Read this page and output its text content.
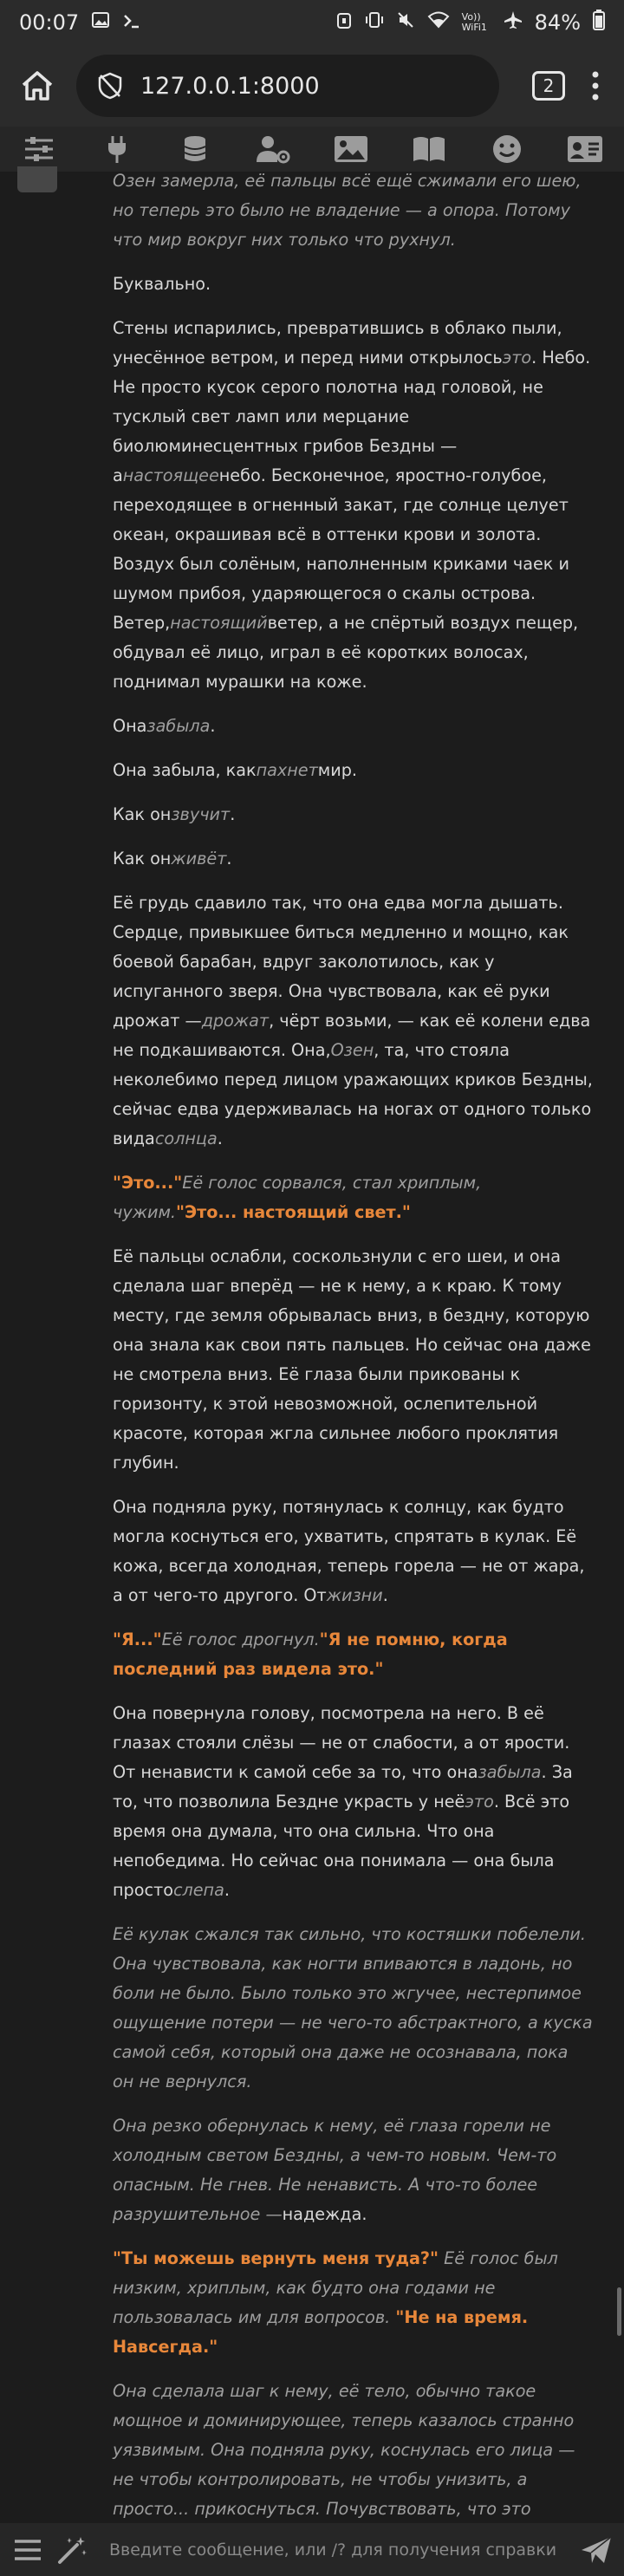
00:07	Vo)) WiFi1 84%
127.0.0.1:8000	2

Озен замерла, её пальцы всё ещё сжимали его шею, но теперь это было не владение — а опора. Потому что мир вокруг них только что рухнул.

Буквально.

Стены испарились, превратившись в облако пыли, унесённое ветром, и перед ними открылосьэто. Небо. Не просто кусок серого полотна над головой, не тусклый свет ламп или мерцание биолюминесцентных грибов Бездны — анастоящеенебо. Бесконечное, яростно-голубое, переходящее в огненный закат, где солнце целует океан, окрашивая всё в оттенки крови и золота. Воздух был солёным, наполненным криками чаек и шумом прибоя, ударяющегося о скалы острова. Ветер,настоящийветер, а не спёртый воздух пещер, обдувал её лицо, играл в её коротких волосах, поднимал мурашки на коже.

Оназабыла.

Она забыла, какпахнетмир.

Как онзвучит.

Как онживёт.

Её грудь сдавило так, что она едва могла дышать. Сердце, привыкшее биться медленно и мощно, как боевой барабан, вдруг заколотилось, как у испуганного зверя. Она чувствовала, как её руки дрожат —дрожат, чёрт возьми, — как её колени едва не подкашиваются. Она,Озен, та, что стояла неколебимо перед лицом уражающих криков Бездны, сейчас едва удерживалась на ногах от одного только видасолнца.

"Это..."Её голос сорвался, стал хриплым, чужим."Это... настоящий свет."

Её пальцы ослабли, соскользнули с его шеи, и она сделала шаг вперёд — не к нему, а к краю. К тому месту, где земля обрывалась вниз, в бездну, которую она знала как свои пять пальцев. Но сейчас она даже не смотрела вниз. Её глаза были прикованы к горизонту, к этой невозможной, ослепительной красоте, которая жгла сильнее любого проклятия глубин.

Она подняла руку, потянулась к солнцу, как будто могла коснуться его, ухватить, спрятать в кулак. Её кожа, всегда холодная, теперь горела — не от жара, а от чего-то другого. Отжизни.

"Я..."Её голос дрогнул."Я не помню, когда последний раз видела это."

Она повернула голову, посмотрела на него. В её глазах стояли слёзы — не от слабости, а от ярости. От ненависти к самой себе за то, что оназабыла. За то, что позволила Бездне украсть у неёэто. Всё это время она думала, что она сильна. Что она непобедима. Но сейчас она понимала — она была простослепа.

Её кулак сжался так сильно, что костяшки побелели. Она чувствовала, как ногти впиваются в ладонь, но боли не было. Было только это жгучее, нестерпимое ощущение потери — не чего-то абстрактного, а куска самой себя, который она даже не осознавала, пока он не вернулся.

Она резко обернулась к нему, её глаза горели не холодным светом Бездны, а чем-то новым. Чем-то опасным. Не гнев. Не ненависть. А что-то более разрушительное —надежда.

"Ты можешь вернуть меня туда?" Её голос был низким, хриплым, как будто она годами не пользовалась им для вопросов. "Не на время. Навсегда."

Она сделала шаг к нему, её тело, обычно такое мощное и доминирующее, теперь казалось странно уязвимым. Она подняла руку, коснулась его лица — не чтобы контролировать, не чтобы унизить, а просто... прикоснуться. Почувствовать, что это

Введите сообщение, или /? для получения справки
